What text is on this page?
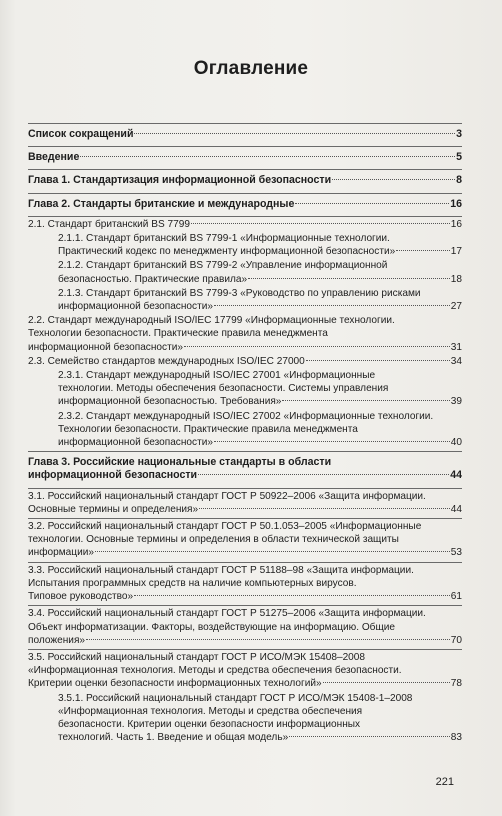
Оглавление
Список сокращений	3
Введение	5
Глава 1. Стандартизация информационной безопасности	8
Глава 2. Стандарты британские и международные	16
2.1. Стандарт британский BS 7799	16
2.1.1. Стандарт британский BS 7799-1 «Информационные технологии.
Практический кодекс по менеджменту информационной безопасности»	17
2.1.2. Стандарт британский BS 7799-2 «Управление информационной
безопасностью. Практические правила»	18
2.1.3. Стандарт британский BS 7799-3 «Руководство по управлению рисками
информационной безопасности»	27
2.2. Стандарт международный ISO/IEC 17799 «Информационные технологии.
Технологии безопасности. Практические правила менеджмента
информационной безопасности»	31
2.3. Семейство стандартов международных ISO/IEC 27000	34
2.3.1. Стандарт международный ISO/IEC 27001 «Информационные
технологии. Методы обеспечения безопасности. Системы управления
информационной безопасностью. Требования»	39
2.3.2. Стандарт международный ISO/IEC 27002 «Информационные технологии.
Технологии безопасности. Практические правила менеджмента
информационной безопасности»	40
Глава 3. Российские национальные стандарты в области
информационной безопасности	44
3.1. Российский национальный стандарт ГОСТ Р 50922–2006 «Защита информации.
Основные термины и определения»	44
3.2. Российский национальный стандарт ГОСТ Р 50.1.053–2005 «Информационные
технологии. Основные термины и определения в области технической защиты
информации»	53
3.3. Российский национальный стандарт ГОСТ Р 51188–98 «Защита информации.
Испытания программных средств на наличие компьютерных вирусов.
Типовое руководство»	61
3.4. Российский национальный стандарт ГОСТ Р 51275–2006 «Защита информации.
Объект информатизации. Факторы, воздействующие на информацию. Общие
положения»	70
3.5. Российский национальный стандарт ГОСТ Р ИСО/МЭК 15408–2008
«Информационная технология. Методы и средства обеспечения безопасности.
Критерии оценки безопасности информационных технологий»	78
3.5.1. Российский национальный стандарт ГОСТ Р ИСО/МЭК 15408-1–2008
«Информационная технология. Методы и средства обеспечения
безопасности. Критерии оценки безопасности информационных
технологий. Часть 1. Введение и общая модель»	83
221
